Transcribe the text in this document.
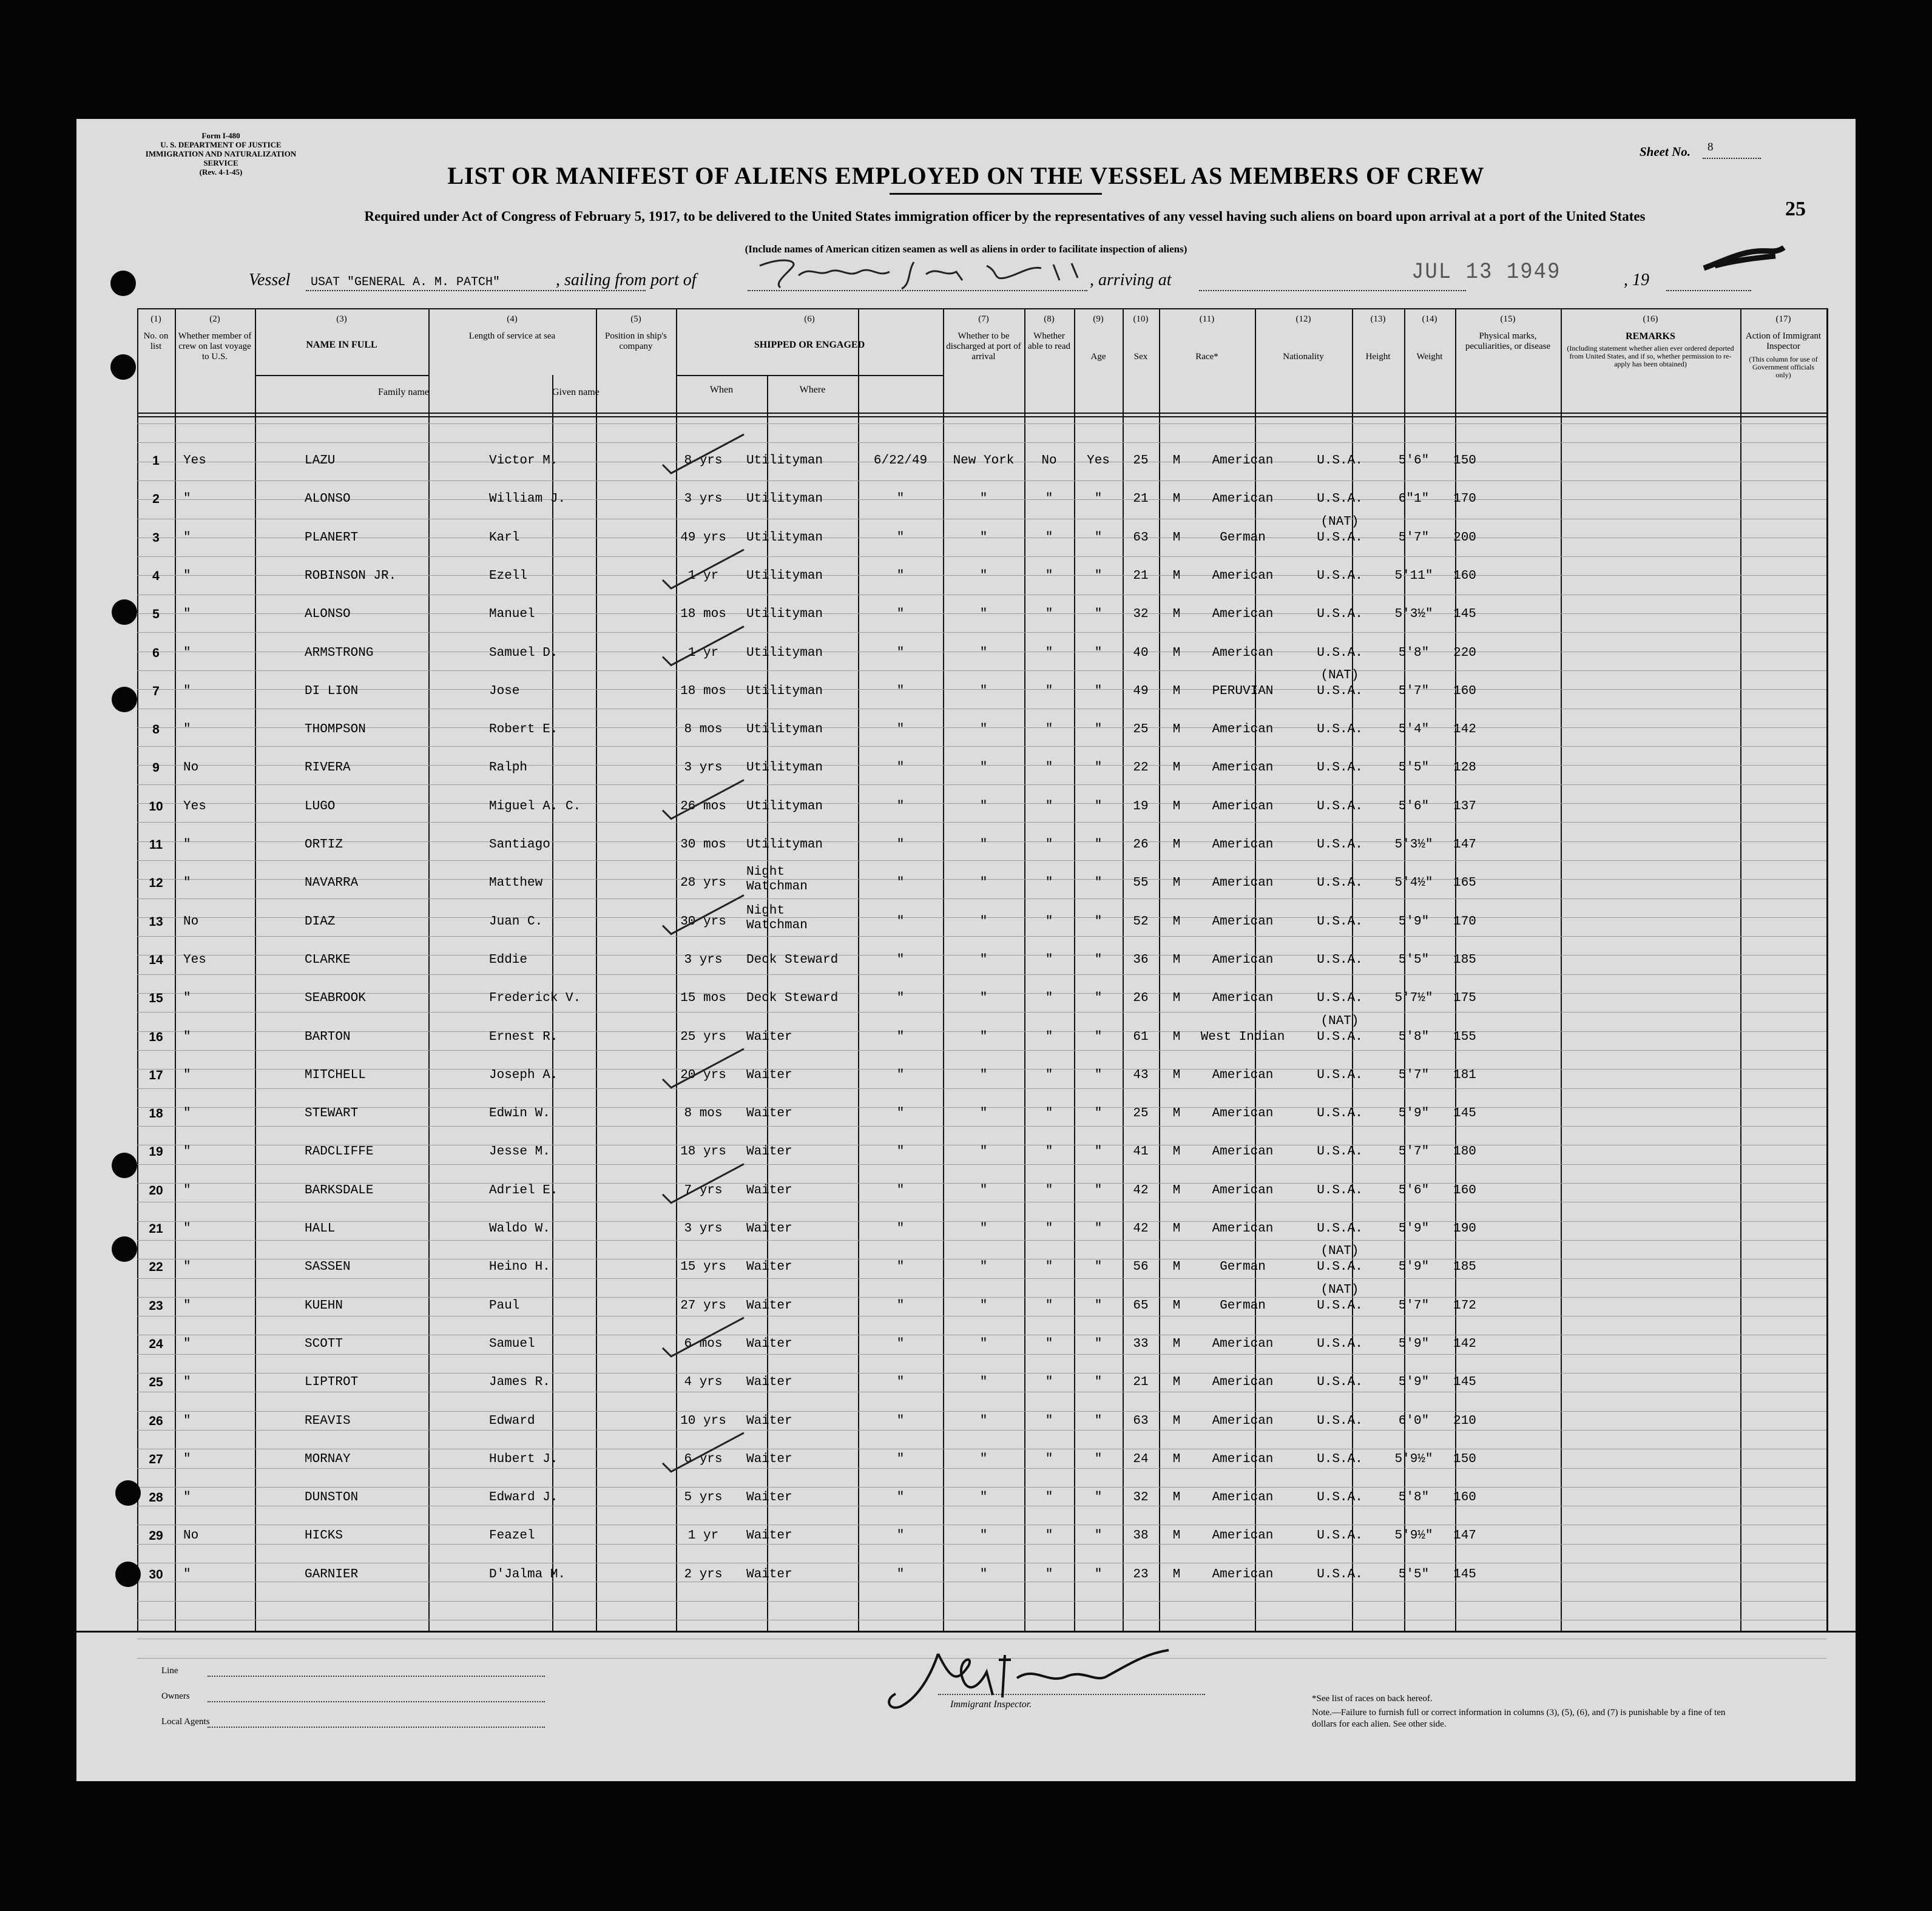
Form I-480
U. S. DEPARTMENT OF JUSTICE
IMMIGRATION AND NATURALIZATION SERVICE
(Rev. 4-1-45)
Sheet No. 8
25
LIST OR MANIFEST OF ALIENS EMPLOYED ON THE VESSEL AS MEMBERS OF CREW
Required under Act of Congress of February 5, 1917, to be delivered to the United States immigration officer by the representatives of any vessel having such aliens on board upon arrival at a port of the United States
(Include names of American citizen seamen as well as aliens in order to facilitate inspection of aliens)
Vessel USAT "GENERAL A. M. PATCH"	, sailing from port of	, arriving at	JUL 13 1949	, 19
(1)
No. on list
(2)
Whether member of crew on last voyage to U.S.
(3)
NAME IN FULL
(4)
Length of service at sea
(5)
Position in ship's company
(6)
SHIPPED OR ENGAGED
(7)
Whether to be discharged at port of arrival
(8)
Whether able to read
(9)
Age
(10)
Sex
(11)
Race*
(12)
Nationality
(13)
Height
(14)
Weight
(15)
Physical marks, peculiarities, or disease
(16)
REMARKS
(Including statement whether alien ever ordered deported from United States, and if so, whether permission to re-apply has been obtained)
(17)
Action of Immigrant Inspector
(This column for use of Government officials only)
Family name	Given name	When	Where
1	Yes	LAZU	Victor M.	8 yrs	Utilityman	6/22/49	New York	No	Yes	25	M	American	U.S.A.	5'6"	150
2	"	ALONSO	William J.	3 yrs	Utilityman	"	"	"	"	21	M	American	U.S.A.	6"1"	170
3	"	PLANERT	Karl	49 yrs	Utilityman	"	"	"	"	63	M	German	U.S.A.	5'7"	200
(NAT)
4	"	ROBINSON JR.	Ezell	1 yr	Utilityman	"	"	"	"	21	M	American	U.S.A.	5'11"	160
5	"	ALONSO	Manuel	18 mos	Utilityman	"	"	"	"	32	M	American	U.S.A.	5'3½"	145
6	"	ARMSTRONG	Samuel D.	1 yr	Utilityman	"	"	"	"	40	M	American	U.S.A.	5'8"	220
7	"	DI LION	Jose	18 mos	Utilityman	"	"	"	"	49	M	PERUVIAN	U.S.A.	5'7"	160
(NAT)
8	"	THOMPSON	Robert E.	8 mos	Utilityman	"	"	"	"	25	M	American	U.S.A.	5'4"	142
9	No	RIVERA	Ralph	3 yrs	Utilityman	"	"	"	"	22	M	American	U.S.A.	5'5"	128
10	Yes	LUGO	Miguel A. C.	26 mos	Utilityman	"	"	"	"	19	M	American	U.S.A.	5'6"	137
11	"	ORTIZ	Santiago	30 mos	Utilityman	"	"	"	"	26	M	American	U.S.A.	5'3½"	147
12	"	NAVARRA	Matthew	28 yrs
Night
Watchman	"	"	"	"	55	M	American	U.S.A.	5'4½"	165
13	No	DIAZ	Juan C.	30 yrs
Night
Watchman	"	"	"	"	52	M	American	U.S.A.	5'9"	170
14	Yes	CLARKE	Eddie	3 yrs	Deck Steward	"	"	"	"	36	M	American	U.S.A.	5'5"	185
15	"	SEABROOK	Frederick V.	15 mos	Deck Steward	"	"	"	"	26	M	American	U.S.A.	5'7½"	175
16	"	BARTON	Ernest R.	25 yrs	Waiter	"	"	"	"	61	M	West Indian	U.S.A.	5'8"	155
(NAT)
17	"	MITCHELL	Joseph A.	20 yrs	Waiter	"	"	"	"	43	M	American	U.S.A.	5'7"	181
18	"	STEWART	Edwin W.	8 mos	Waiter	"	"	"	"	25	M	American	U.S.A.	5'9"	145
19	"	RADCLIFFE	Jesse M.	18 yrs	Waiter	"	"	"	"	41	M	American	U.S.A.	5'7"	180
20	"	BARKSDALE	Adriel E.	7 yrs	Waiter	"	"	"	"	42	M	American	U.S.A.	5'6"	160
21	"	HALL	Waldo W.	3 yrs	Waiter	"	"	"	"	42	M	American	U.S.A.	5'9"	190
22	"	SASSEN	Heino H.	15 yrs	Waiter	"	"	"	"	56	M	German	U.S.A.	5'9"	185
(NAT)
23	"	KUEHN	Paul	27 yrs	Waiter	"	"	"	"	65	M	German	U.S.A.	5'7"	172
(NAT)
24	"	SCOTT	Samuel	6 mos	Waiter	"	"	"	"	33	M	American	U.S.A.	5'9"	142
25	"	LIPTROT	James R.	4 yrs	Waiter	"	"	"	"	21	M	American	U.S.A.	5'9"	145
26	"	REAVIS	Edward	10 yrs	Waiter	"	"	"	"	63	M	American	U.S.A.	6'0"	210
27	"	MORNAY	Hubert J.	6 yrs	Waiter	"	"	"	"	24	M	American	U.S.A.	5'9½"	150
28	"	DUNSTON	Edward J.	5 yrs	Waiter	"	"	"	"	32	M	American	U.S.A.	5'8"	160
29	No	HICKS	Feazel	1 yr	Waiter	"	"	"	"	38	M	American	U.S.A.	5'9½"	147
30	"	GARNIER	D'Jalma M.	2 yrs	Waiter	"	"	"	"	23	M	American	U.S.A.	5'5"	145
Line
Owners
Local Agents
Immigrant Inspector.
*See list of races on back hereof.
Note.—Failure to furnish full or correct information in columns (3), (5), (6), and (7) is punishable by a fine of ten dollars for each alien. See other side.
